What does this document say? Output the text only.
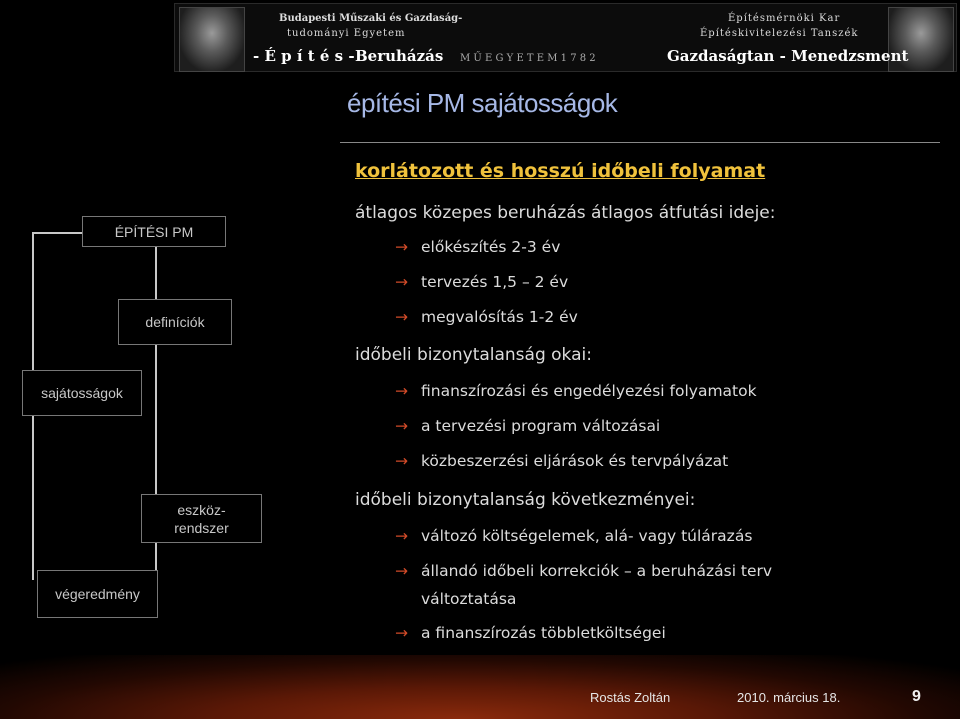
Budapesti Műszaki és Gazdaság-
tudományi Egyetem
Építésmérnöki Kar
Építéskivitelezési Tanszék
- É p í t é s - Beruházás M Ű E G Y E T E M 1 7 8 2	Gazdaságtan - Menedzsment
építési PM sajátosságok
ÉPÍTÉSI PM
definíciók
sajátosságok
eszköz-
rendszer
végeredmény
korlátozott és hosszú időbeli folyamat
átlagos közepes beruházás átlagos átfutási ideje:
→ előkészítés 2-3 év
→ tervezés 1,5 – 2 év
→ megvalósítás 1-2 év
időbeli bizonytalanság okai:
→ finanszírozási és engedélyezési folyamatok
→ a tervezési program változásai
→ közbeszerzési eljárások és tervpályázat
időbeli bizonytalanság következményei:
→ változó költségelemek, alá- vagy túlárazás
→ állandó időbeli korrekciók – a beruházási terv
változtatása
→ a finanszírozás többletköltségei
Rostás Zoltán	2010. március 18.	9
